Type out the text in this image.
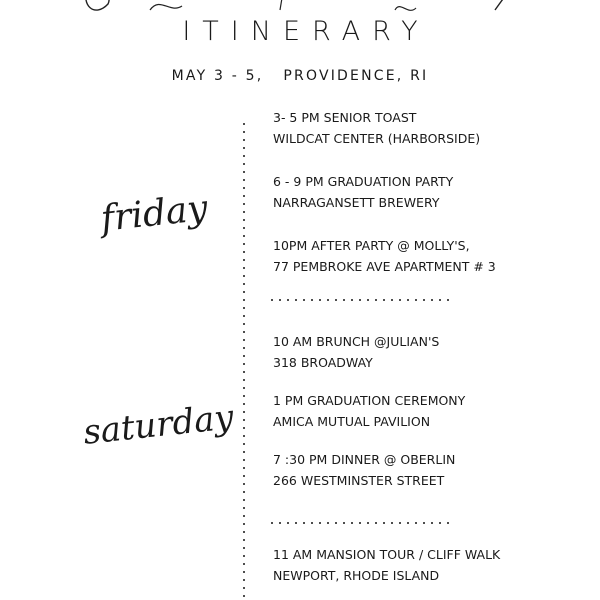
ITINERARY
MAY 3 - 5,   PROVIDENCE, RI
friday
saturday
3- 5 PM SENIOR TOAST
WILDCAT CENTER (HARBORSIDE)
6 - 9 PM GRADUATION PARTY
NARRAGANSETT BREWERY
10PM AFTER PARTY @ MOLLY'S,
77 PEMBROKE AVE APARTMENT # 3
10 AM BRUNCH @JULIAN'S
318 BROADWAY
1 PM GRADUATION CEREMONY
AMICA MUTUAL PAVILION
7 :30 PM DINNER @ OBERLIN
266 WESTMINSTER STREET
11 AM MANSION TOUR / CLIFF WALK
NEWPORT, RHODE ISLAND
